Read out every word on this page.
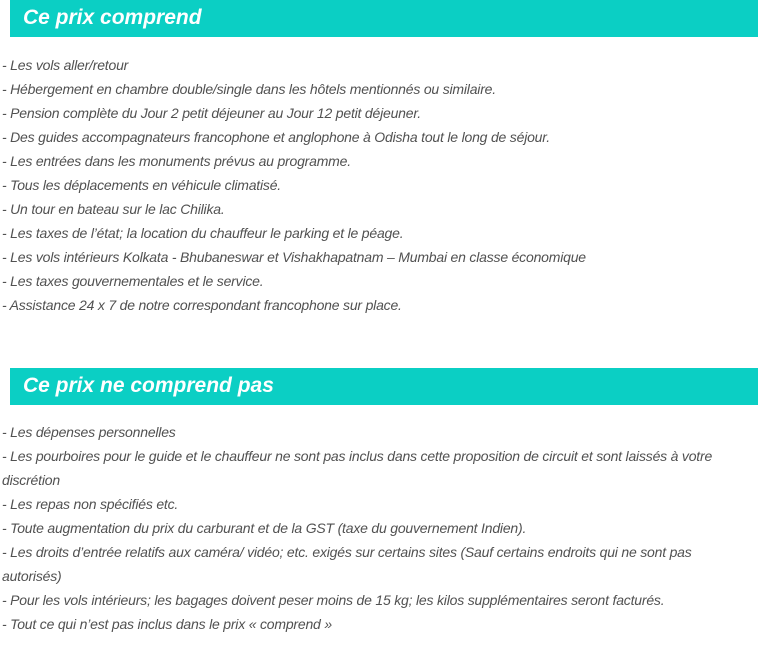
Ce prix comprend
- Les vols aller/retour
- Hébergement en chambre double/single dans les hôtels mentionnés ou similaire.
- Pension complète du Jour 2 petit déjeuner au Jour 12 petit déjeuner.
- Des guides accompagnateurs francophone et anglophone à Odisha tout le long de séjour.
- Les entrées dans les monuments prévus au programme.
- Tous les déplacements en véhicule climatisé.
- Un tour en bateau sur le lac Chilika.
- Les taxes de l’état; la location du chauffeur le parking et le péage.
- Les vols intérieurs Kolkata - Bhubaneswar et Vishakhapatnam – Mumbai en classe économique
- Les taxes gouvernementales et le service.
- Assistance 24 x 7 de notre correspondant francophone sur place.
Ce prix ne comprend pas
- Les dépenses personnelles
- Les pourboires pour le guide et le chauffeur ne sont pas inclus dans cette proposition de circuit et sont laissés à votre discrétion
- Les repas non spécifiés etc.
- Toute augmentation du prix du carburant et de la GST (taxe du gouvernement Indien).
- Les droits d’entrée relatifs aux caméra/ vidéo; etc. exigés sur certains sites (Sauf certains endroits qui ne sont pas autorisés)
- Pour les vols intérieurs; les bagages doivent peser moins de 15 kg; les kilos supplémentaires seront facturés.
- Tout ce qui n’est pas inclus dans le prix « comprend »
